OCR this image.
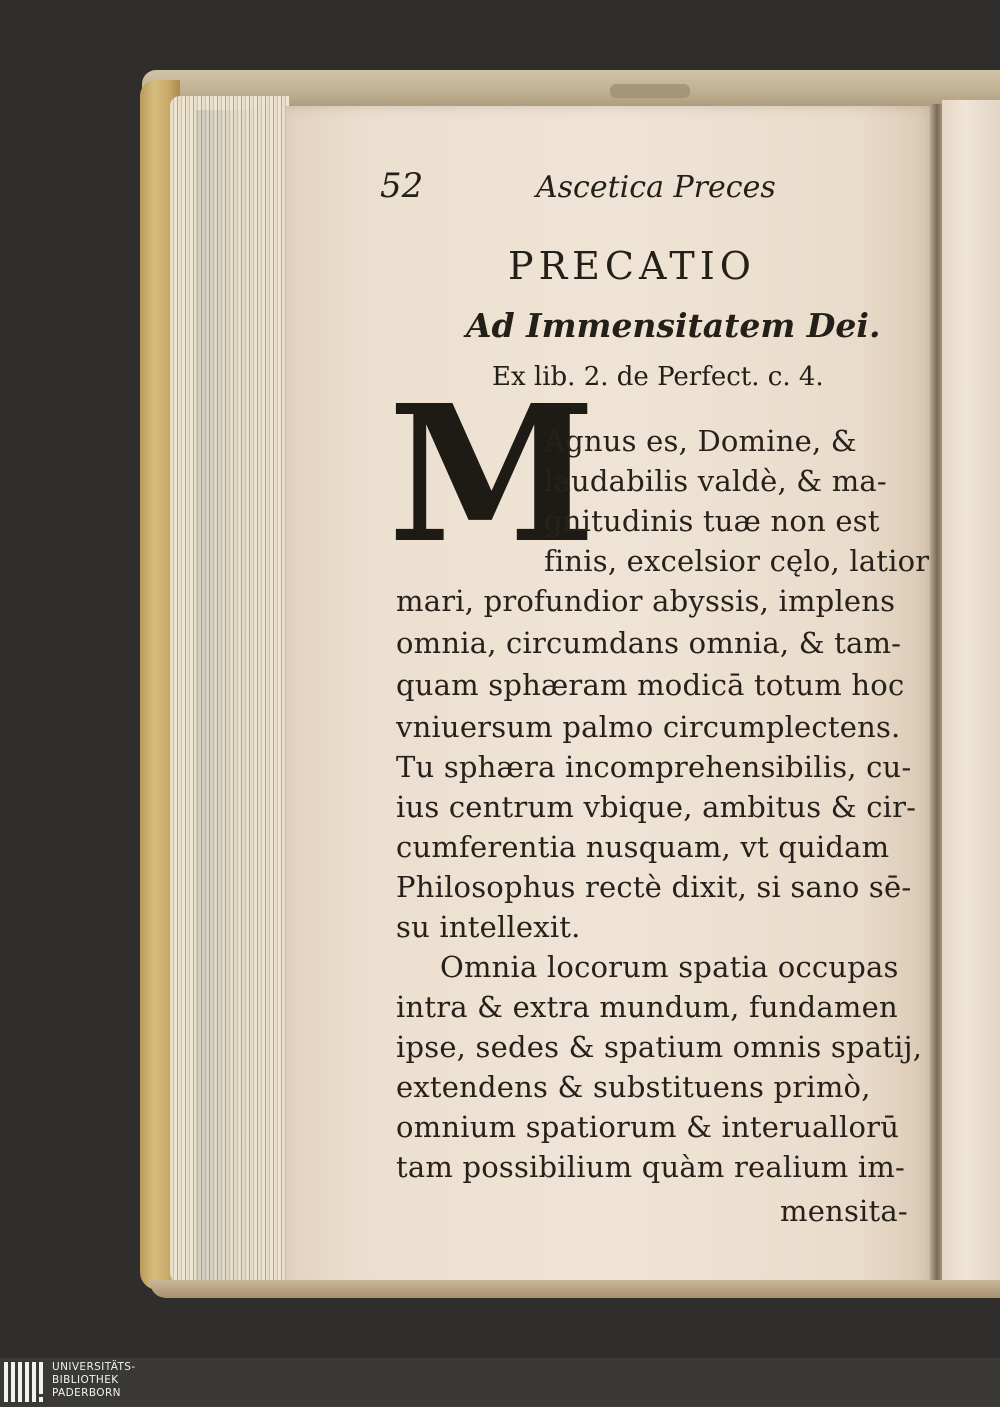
52	Ascetica Preces
PRECATIO
Ad Immensitatem Dei.
Ex lib. 2. de Perfect. c. 4.
M
Agnus es, Domine, &
laudabilis valdè, & ma-
gnitudinis tuæ non est
finis, excelsior cęlo, latior
mari, profundior abyssis, implens
omnia, circumdans omnia, & tam-
quam sphæram modicā totum hoc
vniuersum palmo circumplectens.
Tu sphæra incomprehensibilis, cu-
ius centrum vbique, ambitus & cir-
cumferentia nusquam, vt quidam
Philosophus rectè dixit, si sano sē-
su intellexit.
Omnia locorum spatia occupas
intra & extra mundum, fundamen
ipse, sedes & spatium omnis spatij,
extendens & substituens primò,
omnium spatiorum & interuallorū
tam possibilium quàm realium im-
mensita-
UNIVERSITÄTS-
BIBLIOTHEK
PADERBORN
